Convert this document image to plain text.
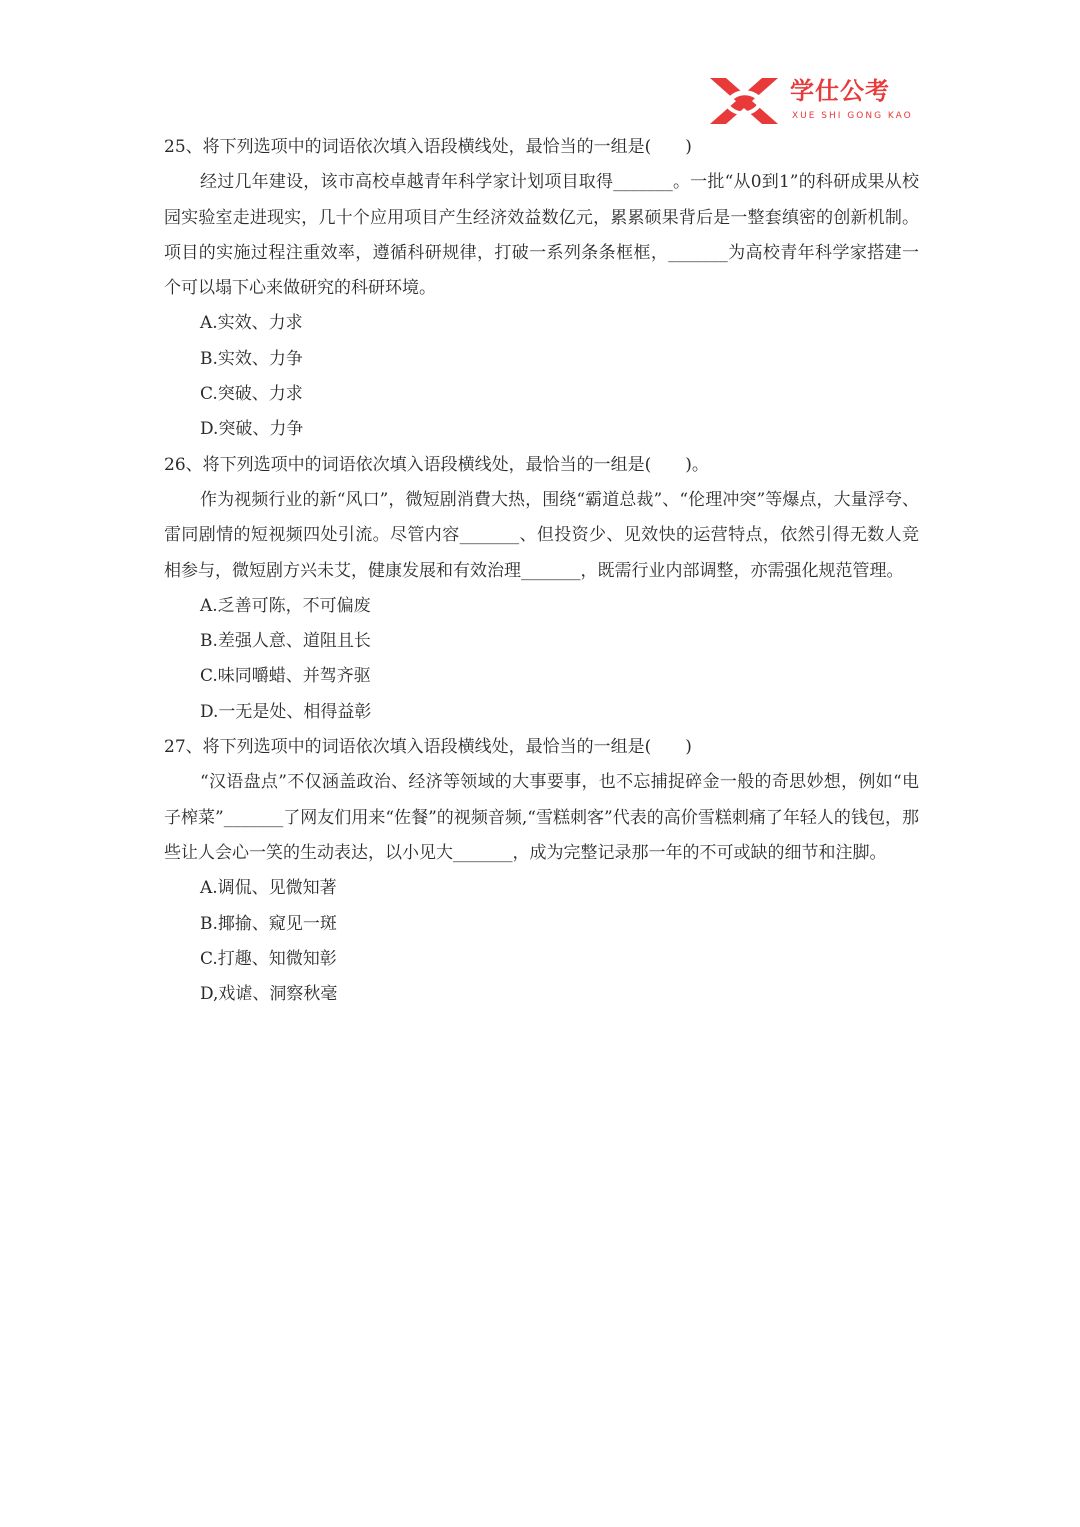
学仕公考
XUE SHI GONG KAO

25、将下列选项中的词语依次填入语段横线处，最恰当的一组是(　　)

经过几年建设，该市高校卓越青年科学家计划项目取得_______。一批“从0到1”的科研成果从校园实验室走进现实，几十个应用项目产生经济效益数亿元，累累硕果背后是一整套缜密的创新机制。项目的实施过程注重效率，遵循科研规律，打破一系列条条框框，_______为高校青年科学家搭建一个可以塌下心来做研究的科研环境。

A.实效、力求
B.实效、力争
C.突破、力求
D.突破、力争

26、将下列选项中的词语依次填入语段横线处，最恰当的一组是(　　)。

作为视频行业的新“风口”，微短剧消費大热，围绕“霸道总裁”、“伦理冲突”等爆点，大量浮夸、雷同剧情的短视频四处引流。尽管内容_______、但投资少、见效快的运营特点，依然引得无数人竞相参与，微短剧方兴未艾，健康发展和有效治理_______，既需行业内部调整，亦需强化规范管理。

A.乏善可陈，不可偏废
B.差强人意、道阻且长
C.味同嚼蜡、并驾齐驱
D.一无是处、相得益彰

27、将下列选项中的词语依次填入语段横线处，最恰当的一组是(　　)

“汉语盘点”不仅涵盖政治、经济等领域的大事要事，也不忘捕捉碎金一般的奇思妙想，例如“电子榨菜”_______了网友们用来“佐餐”的视频音频,“雪糕刺客”代表的高价雪糕刺痛了年轻人的钱包，那些让人会心一笑的生动表达，以小见大_______，成为完整记录那一年的不可或缺的细节和注脚。

A.调侃、见微知著
B.揶揄、窥见一斑
C.打趣、知微知彰
D,戏谑、洞察秋毫
